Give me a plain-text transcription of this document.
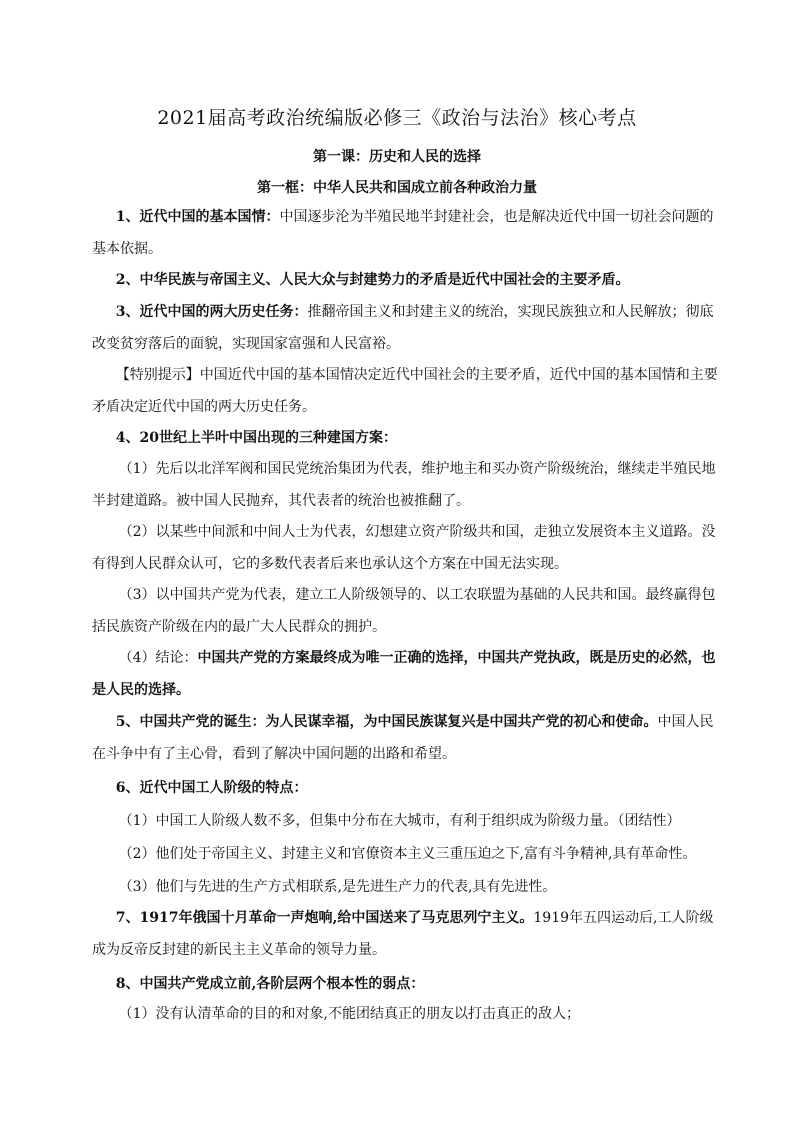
2021届高考政治统编版必修三《政治与法治》核心考点
第一课：历史和人民的选择
第一框：中华人民共和国成立前各种政治力量
1、近代中国的基本国情：中国逐步沦为半殖民地半封建社会，也是解决近代中国一切社会问题的基本依据。
2、中华民族与帝国主义、人民大众与封建势力的矛盾是近代中国社会的主要矛盾。
3、近代中国的两大历史任务：推翻帝国主义和封建主义的统治，实现民族独立和人民解放；彻底改变贫穷落后的面貌，实现国家富强和人民富裕。
【特别提示】中国近代中国的基本国情决定近代中国社会的主要矛盾，近代中国的基本国情和主要矛盾决定近代中国的两大历史任务。
4、20世纪上半叶中国出现的三种建国方案：
（1）先后以北洋军阀和国民党统治集团为代表，维护地主和买办资产阶级统治，继续走半殖民地半封建道路。被中国人民抛弃，其代表者的统治也被推翻了。
（2）以某些中间派和中间人士为代表，幻想建立资产阶级共和国，走独立发展资本主义道路。没有得到人民群众认可，它的多数代表者后来也承认这个方案在中国无法实现。
（3）以中国共产党为代表，建立工人阶级领导的、以工农联盟为基础的人民共和国。最终赢得包括民族资产阶级在内的最广大人民群众的拥护。
（4）结论：中国共产党的方案最终成为唯一正确的选择，中国共产党执政，既是历史的必然，也是人民的选择。
5、中国共产党的诞生：为人民谋幸福，为中国民族谋复兴是中国共产党的初心和使命。中国人民在斗争中有了主心骨，看到了解决中国问题的出路和希望。
6、近代中国工人阶级的特点：
（1）中国工人阶级人数不多，但集中分布在大城市，有利于组织成为阶级力量。（团结性）
（2）他们处于帝国主义、封建主义和官僚资本主义三重压迫之下,富有斗争精神,具有革命性。
（3）他们与先进的生产方式相联系,是先进生产力的代表,具有先进性。
7、1917年俄国十月革命一声炮响,给中国送来了马克思列宁主义。1919年五四运动后,工人阶级成为反帝反封建的新民主主义革命的领导力量。
8、中国共产党成立前,各阶层两个根本性的弱点：
（1）没有认清革命的目的和对象,不能团结真正的朋友以打击真正的敌人；
